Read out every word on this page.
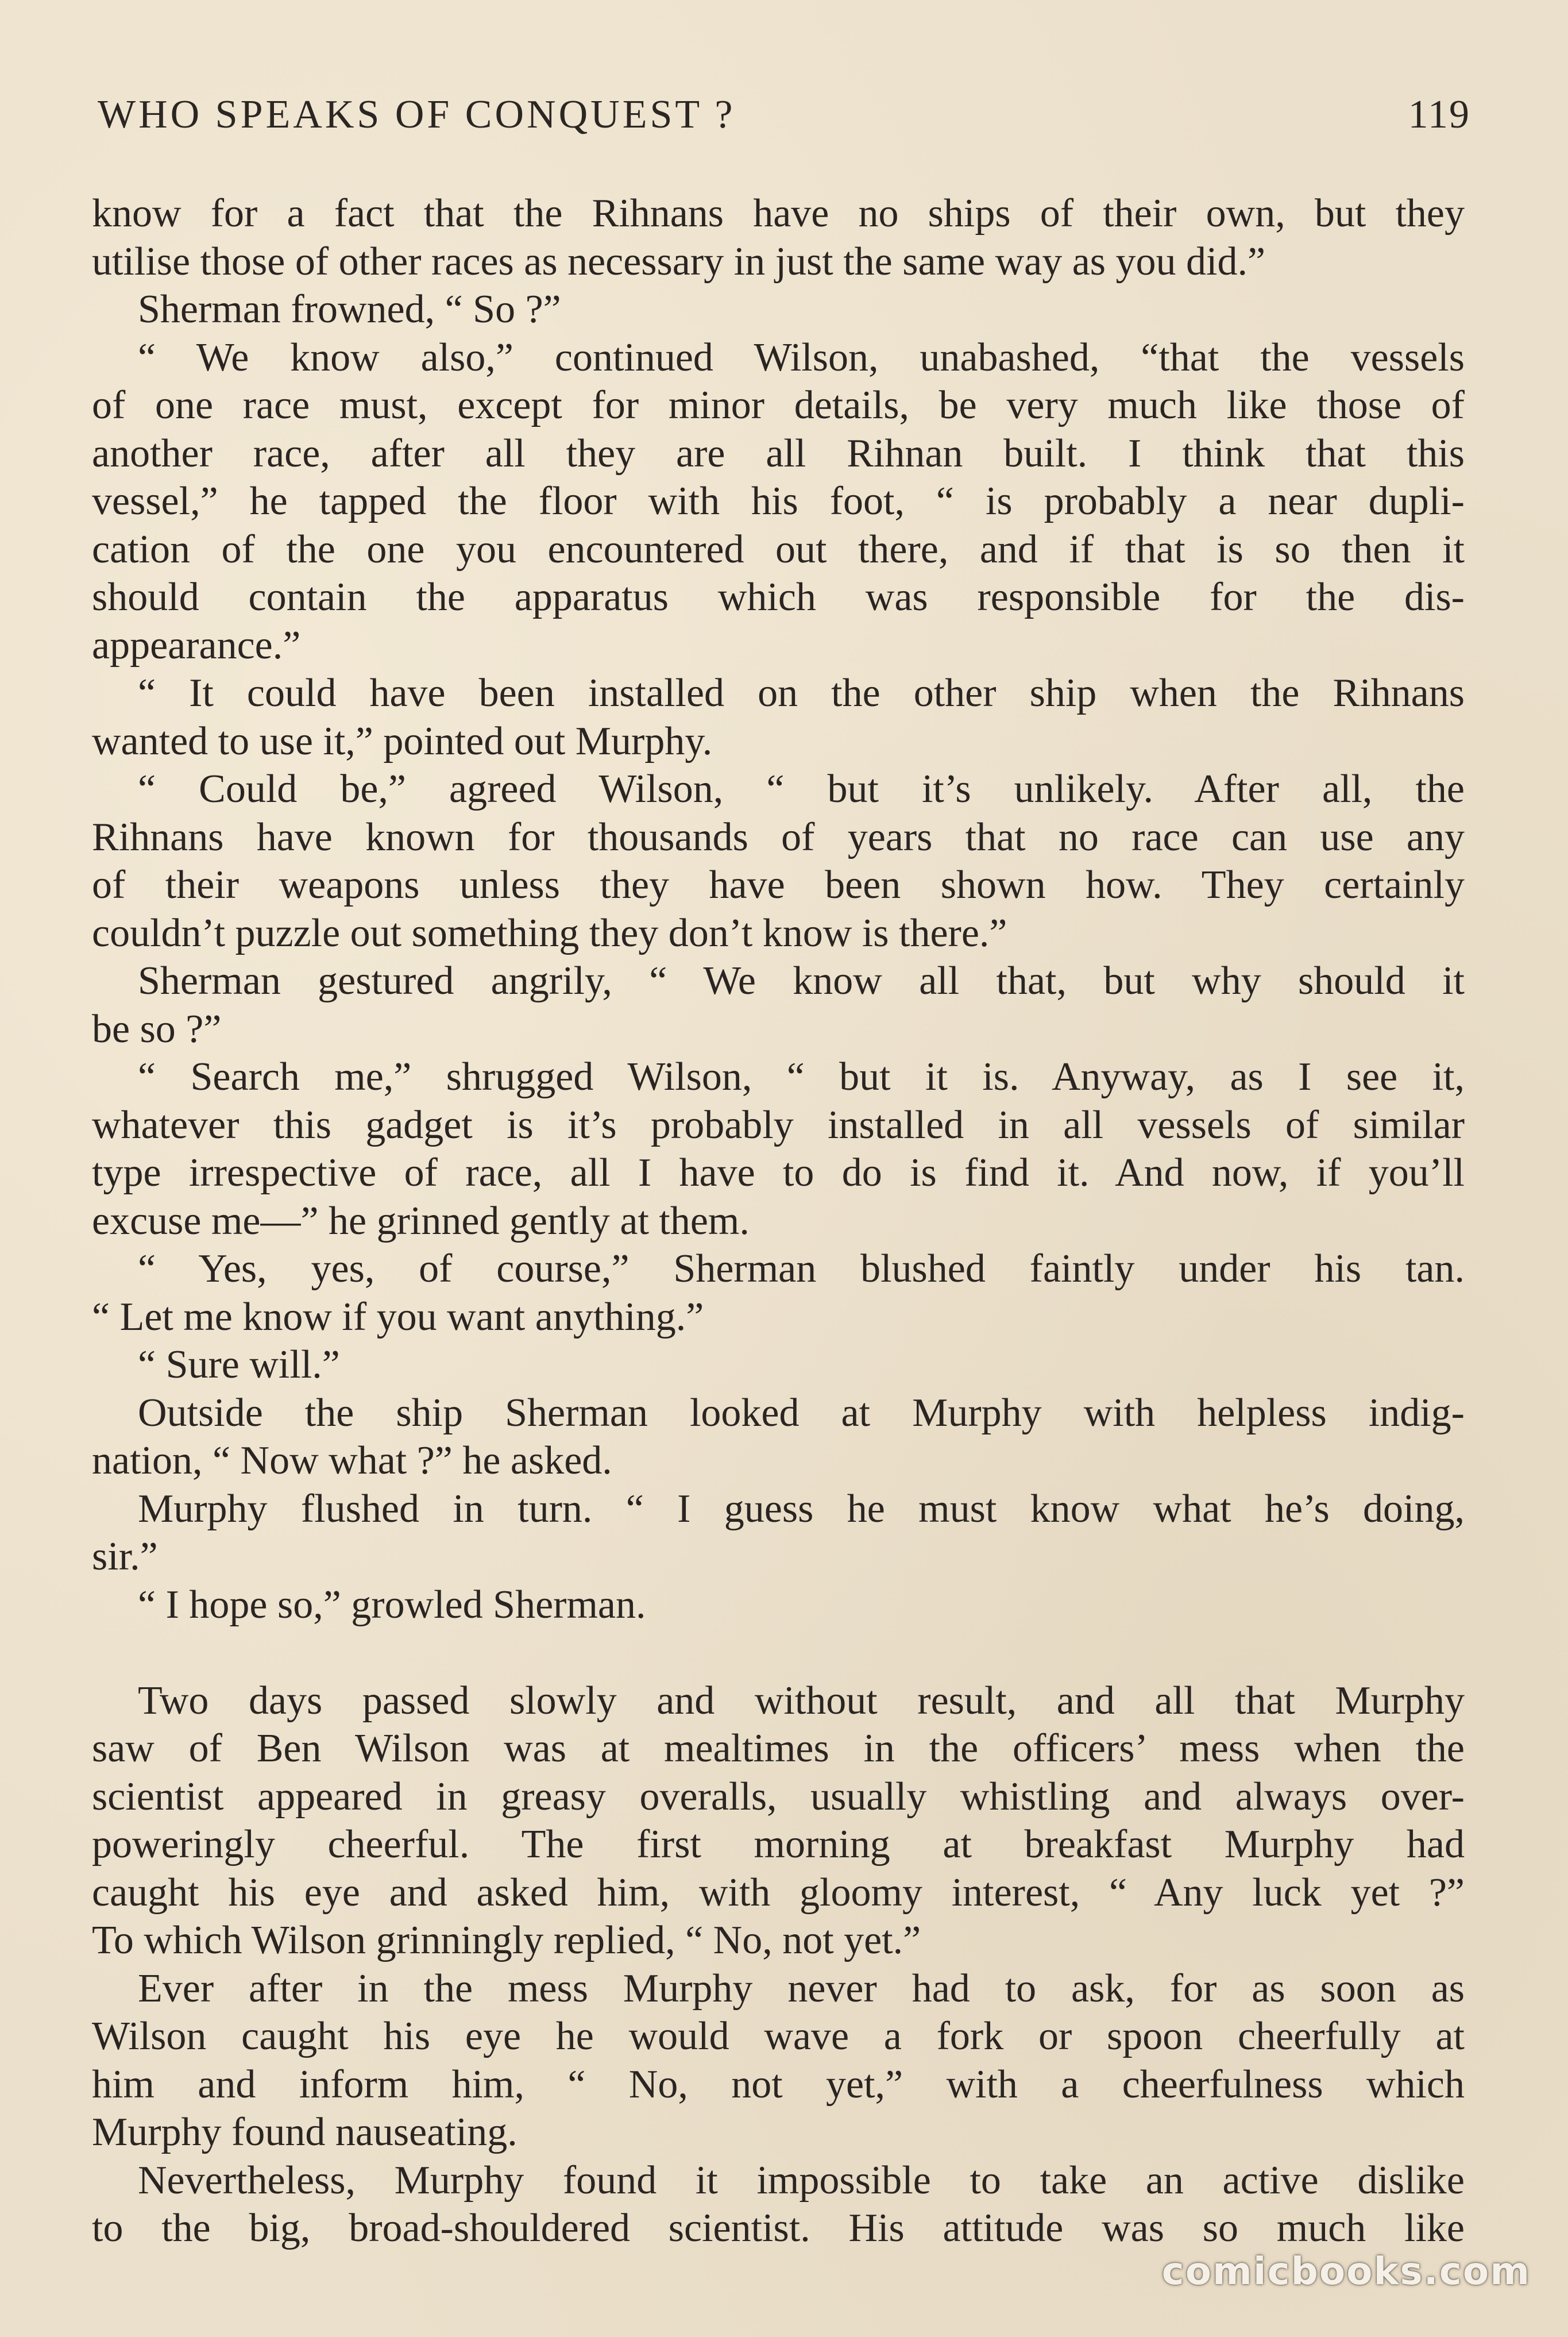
WHO SPEAKS OF CONQUEST ?	119
know for a fact that the Rihnans have no ships of their own, but they
utilise those of other races as necessary in just the same way as you did.”
Sherman frowned, “ So ?”
“ We know also,” continued Wilson, unabashed, “that the vessels
of one race must, except for minor details, be very much like those of
another race, after all they are all Rihnan built. I think that this
vessel,” he tapped the floor with his foot, “ is probably a near dupli-
cation of the one you encountered out there, and if that is so then it
should contain the apparatus which was responsible for the dis-
appearance.”
“ It could have been installed on the other ship when the Rihnans
wanted to use it,” pointed out Murphy.
“ Could be,” agreed Wilson, “ but it’s unlikely. After all, the
Rihnans have known for thousands of years that no race can use any
of their weapons unless they have been shown how. They certainly
couldn’t puzzle out something they don’t know is there.”
Sherman gestured angrily, “ We know all that, but why should it
be so ?”
“ Search me,” shrugged Wilson, “ but it is. Anyway, as I see it,
whatever this gadget is it’s probably installed in all vessels of similar
type irrespective of race, all I have to do is find it. And now, if you’ll
excuse me—” he grinned gently at them.
“ Yes, yes, of course,” Sherman blushed faintly under his tan.
“ Let me know if you want anything.”
“ Sure will.”
Outside the ship Sherman looked at Murphy with helpless indig-
nation, “ Now what ?” he asked.
Murphy flushed in turn. “ I guess he must know what he’s doing,
sir.”
“ I hope so,” growled Sherman.
Two days passed slowly and without result, and all that Murphy
saw of Ben Wilson was at mealtimes in the officers’ mess when the
scientist appeared in greasy overalls, usually whistling and always over-
poweringly cheerful. The first morning at breakfast Murphy had
caught his eye and asked him, with gloomy interest, “ Any luck yet ?”
To which Wilson grinningly replied, “ No, not yet.”
Ever after in the mess Murphy never had to ask, for as soon as
Wilson caught his eye he would wave a fork or spoon cheerfully at
him and inform him, “ No, not yet,” with a cheerfulness which
Murphy found nauseating.
Nevertheless, Murphy found it impossible to take an active dislike
to the big, broad-shouldered scientist. His attitude was so much like
comicbooks.com
